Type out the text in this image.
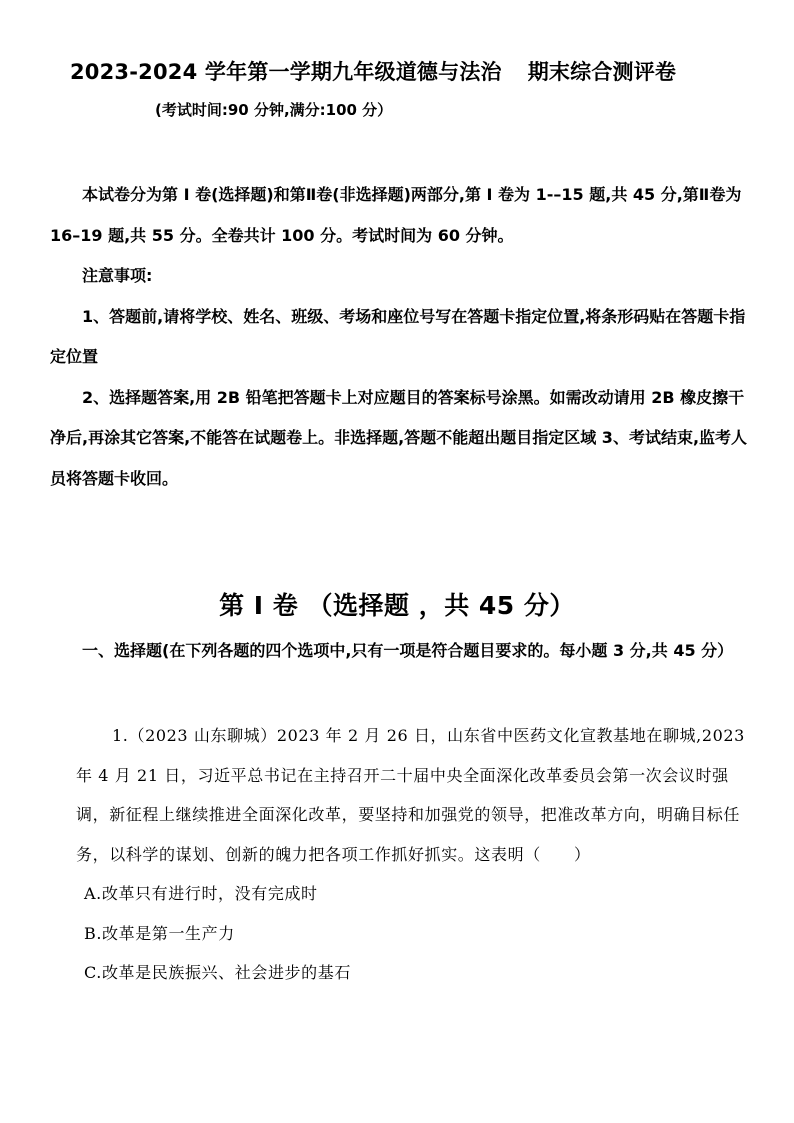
2023-2024 学年第一学期九年级道德与法治 期末综合测评卷
(考试时间:90 分钟,满分:100 分）

本试卷分为第 I 卷(选择题)和第Ⅱ卷(非选择题)两部分,第 I 卷为 1-–15 题,共 45 分,第Ⅱ卷为 16–19 题,共 55 分。全卷共计 100 分。考试时间为 60 分钟。

注意事项:

1、答题前,请将学校、姓名、班级、考场和座位号写在答题卡指定位置,将条形码贴在答题卡指定位置

2、选择题答案,用 2B 铅笔把答题卡上对应题目的答案标号涂黑。如需改动请用 2B 橡皮擦干净后,再涂其它答案,不能答在试题卷上。非选择题,答题不能超出题目指定区域 3、考试结束,监考人员将答题卡收回。

第 I 卷 （选择题 ，共 45 分）

一、选择题(在下列各题的四个选项中,只有一项是符合题目要求的。每小题 3 分,共 45 分）

1.（2023 山东聊城）2023 年 2 月 26 日，山东省中医药文化宣教基地在聊城,2023 年 4 月 21 日，习近平总书记在主持召开二十届中央全面深化改革委员会第一次会议时强调，新征程上继续推进全面深化改革，要坚持和加强党的领导，把准改革方向，明确目标任务，以科学的谋划、创新的魄力把各项工作抓好抓实。这表明（　　）

A.改革只有进行时，没有完成时

B.改革是第一生产力

C.改革是民族振兴、社会进步的基石
